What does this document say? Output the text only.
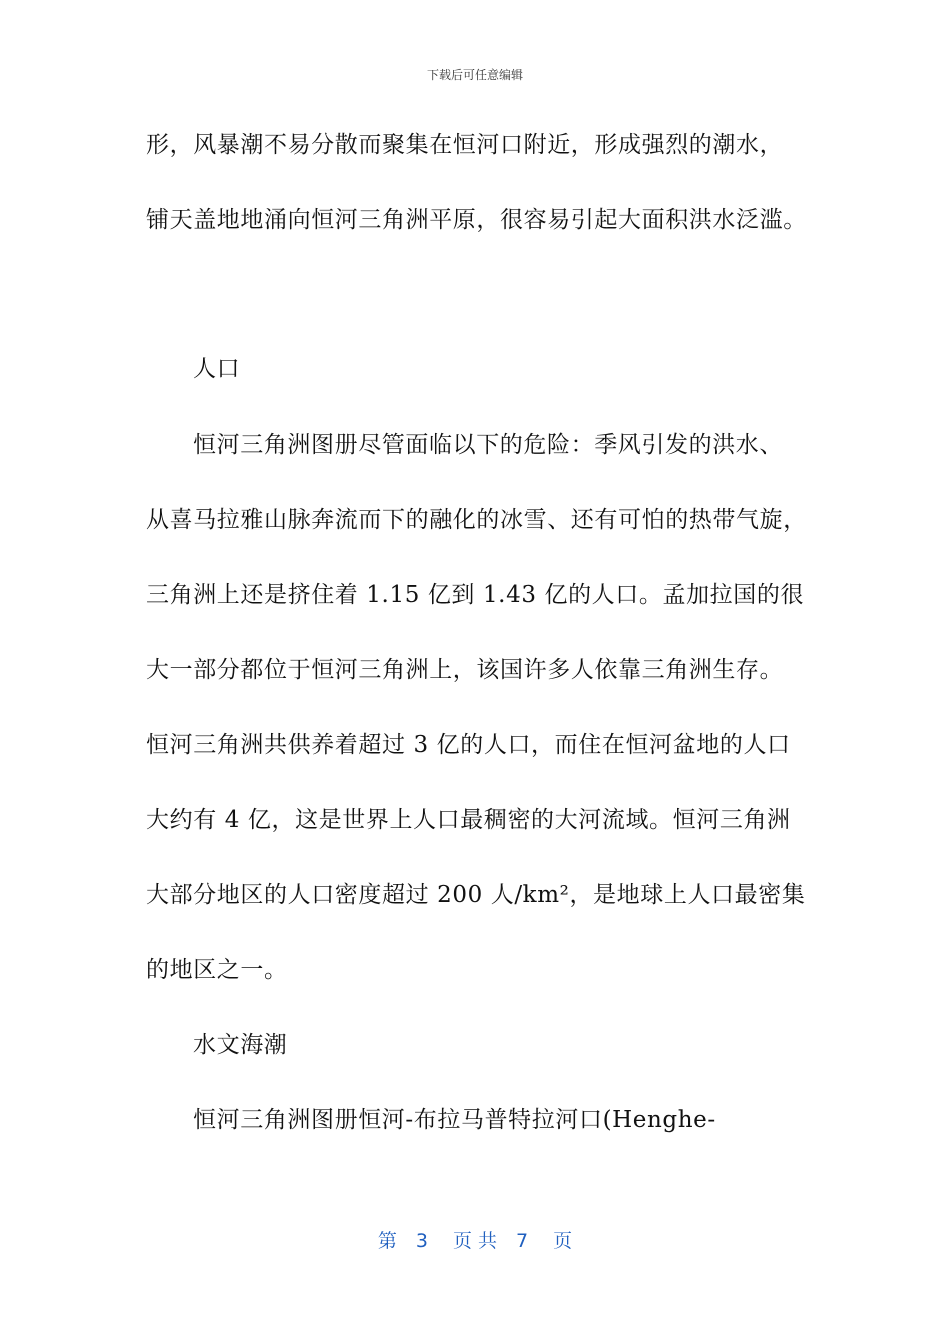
下载后可任意编辑
形，风暴潮不易分散而聚集在恒河口附近，形成强烈的潮水，
铺天盖地地涌向恒河三角洲平原，很容易引起大面积洪水泛滥。
人口
恒河三角洲图册尽管面临以下的危险：季风引发的洪水、
从喜马拉雅山脉奔流而下的融化的冰雪、还有可怕的热带气旋，
三角洲上还是挤住着 1.15 亿到 1.43 亿的人口。孟加拉国的很
大一部分都位于恒河三角洲上，该国许多人依靠三角洲生存。
恒河三角洲共供养着超过 3 亿的人口，而住在恒河盆地的人口
大约有 4 亿，这是世界上人口最稠密的大河流域。恒河三角洲
大部分地区的人口密度超过 200 人/km²，是地球上人口最密集
的地区之一。
水文海潮
恒河三角洲图册恒河-布拉马普特拉河口(Henghe-
第　3　 页 共　7　 页
